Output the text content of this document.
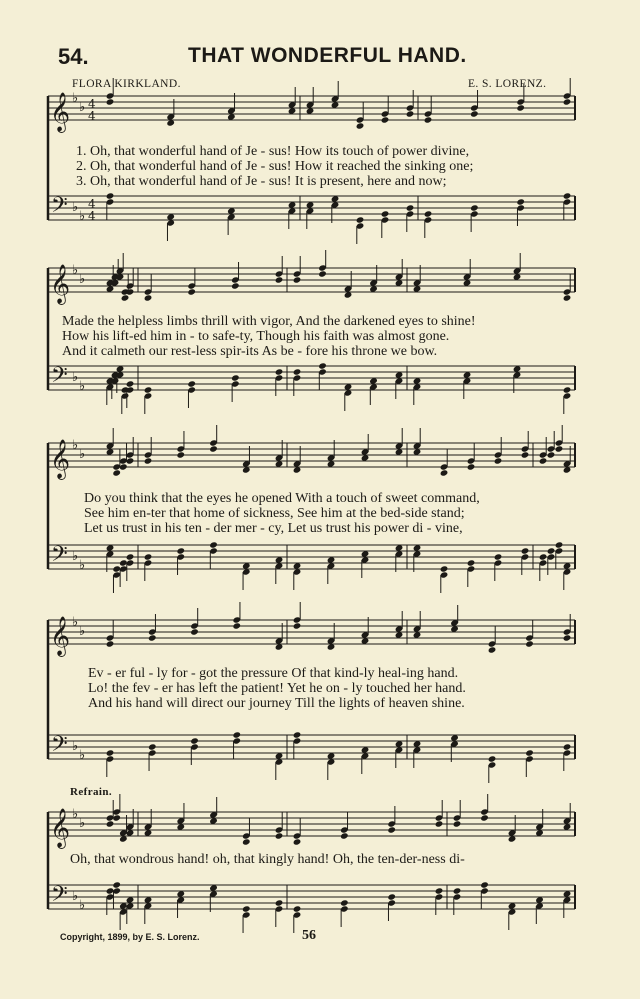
54.	THAT WONDERFUL HAND.
FLORA KIRKLAND.	E. S. LORENZ.
𝄞 ♭
♭ 4
4
𝄢 ♭
♭
4
4
𝄞 ♭
♭
𝄢 ♭
♭
𝄞 ♭
♭
𝄢 ♭
♭
𝄞 ♭
♭
𝄢 ♭
♭
𝄞 ♭
♭
𝄢 ♭
♭
1. Oh, that wonderful hand of Je - sus! How its touch of power divine,
2. Oh, that wonderful hand of Je - sus! How it reached the sinking one;
3. Oh, that wonderful hand of Je - sus! It is present, here and now;
Made the helpless limbs thrill with vigor, And the darkened eyes to shine!
How his lift-ed him in - to safe-ty, Though his faith was almost gone.
And it calmeth our rest-less spir-its As be - fore his throne we bow.
Do you think that the eyes he opened With a touch of sweet command,
See him en-ter that home of sickness, See him at the bed-side stand;
Let us trust in his ten - der mer - cy, Let us trust his power di - vine,
Ev - er ful - ly for - got the pressure Of that kind-ly heal-ing hand.
Lo! the fev - er has left the patient! Yet he on - ly touched her hand.
And his hand will direct our journey Till the lights of heaven shine.
Refrain.
Oh, that wondrous hand! oh, that kingly hand! Oh, the ten-der-ness di-
Copyright, 1899, by E. S. Lorenz.	56
